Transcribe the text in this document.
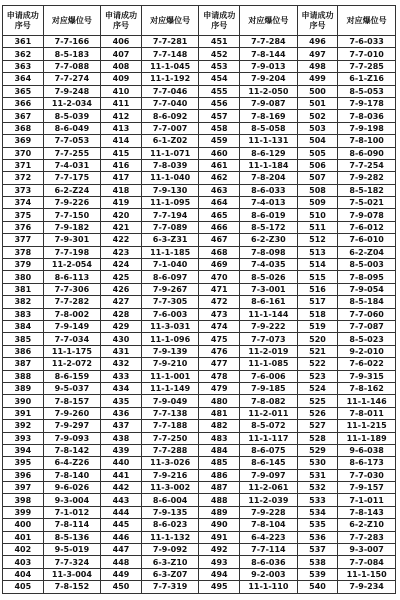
申请成功序号	对应爆位号	申请成功序号	对应爆位号	申请成功序号	对应爆位号	申请成功序号	对应爆位号
361	7-7-166	406	7-7-281	451	7-7-284	496	7-6-033
362	8-5-183	407	7-7-148	452	7-8-144	497	7-7-010
363	7-7-088	408	11-1-045	453	7-9-013	498	7-7-285
364	7-7-274	409	11-1-192	454	7-9-204	499	6-1-Z16
365	7-9-248	410	7-7-046	455	11-2-050	500	8-5-053
366	11-2-034	411	7-7-040	456	7-9-087	501	7-9-178
367	8-5-039	412	8-6-092	457	7-8-169	502	7-8-036
368	8-6-049	413	7-7-007	458	8-5-058	503	7-9-198
369	7-7-053	414	6-1-Z02	459	11-1-131	504	7-8-100
370	7-7-255	415	11-1-071	460	8-6-129	505	8-6-090
371	7-4-031	416	7-8-039	461	11-1-184	506	7-7-254
372	7-7-175	417	11-1-040	462	7-8-204	507	7-9-282
373	6-2-Z24	418	7-9-130	463	8-6-033	508	8-5-182
374	7-9-226	419	11-1-095	464	7-4-013	509	7-5-021
375	7-7-150	420	7-7-194	465	8-6-019	510	7-9-078
376	7-9-182	421	7-7-089	466	8-5-172	511	7-6-012
377	7-9-301	422	6-3-Z31	467	6-2-Z30	512	7-6-010
378	7-7-198	423	11-1-185	468	7-8-098	513	6-2-Z04
379	11-2-054	424	7-1-040	469	7-4-035	514	8-5-003
380	8-6-113	425	8-6-097	470	8-5-026	515	7-8-095
381	7-7-306	426	7-9-267	471	7-3-001	516	7-9-054
382	7-7-282	427	7-7-305	472	8-6-161	517	8-5-184
383	7-8-002	428	7-6-003	473	11-1-144	518	7-7-060
384	7-9-149	429	11-3-031	474	7-9-222	519	7-7-087
385	7-7-034	430	11-1-096	475	7-7-073	520	8-5-023
386	11-1-175	431	7-9-139	476	11-2-019	521	9-2-010
387	11-2-072	432	7-9-210	477	11-1-085	522	7-6-022
388	8-6-159	433	11-1-001	478	7-6-006	523	7-9-315
389	9-5-037	434	11-1-149	479	7-9-185	524	7-8-162
390	7-8-157	435	7-9-049	480	7-8-082	525	11-1-146
391	7-9-260	436	7-7-138	481	11-2-011	526	7-8-011
392	7-9-297	437	7-7-188	482	8-5-072	527	11-1-215
393	7-9-093	438	7-7-250	483	11-1-117	528	11-1-189
394	7-8-142	439	7-7-288	484	8-6-075	529	9-6-038
395	6-4-Z26	440	11-3-026	485	8-6-145	530	8-6-173
396	7-8-140	441	7-9-216	486	7-9-097	531	7-7-030
397	9-6-026	442	11-3-002	487	11-2-061	532	7-9-157
398	9-3-004	443	8-6-004	488	11-2-039	533	7-1-011
399	7-1-012	444	7-9-135	489	7-9-228	534	7-8-143
400	7-8-114	445	8-6-023	490	7-8-104	535	6-2-Z10
401	8-5-136	446	11-1-132	491	6-4-223	536	7-7-283
402	9-5-019	447	7-9-092	492	7-7-114	537	9-3-007
403	7-7-324	448	6-3-Z10	493	8-6-036	538	7-7-084
404	11-3-004	449	6-3-Z07	494	9-2-003	539	11-1-150
405	7-8-152	450	7-7-319	495	11-1-110	540	7-9-234
